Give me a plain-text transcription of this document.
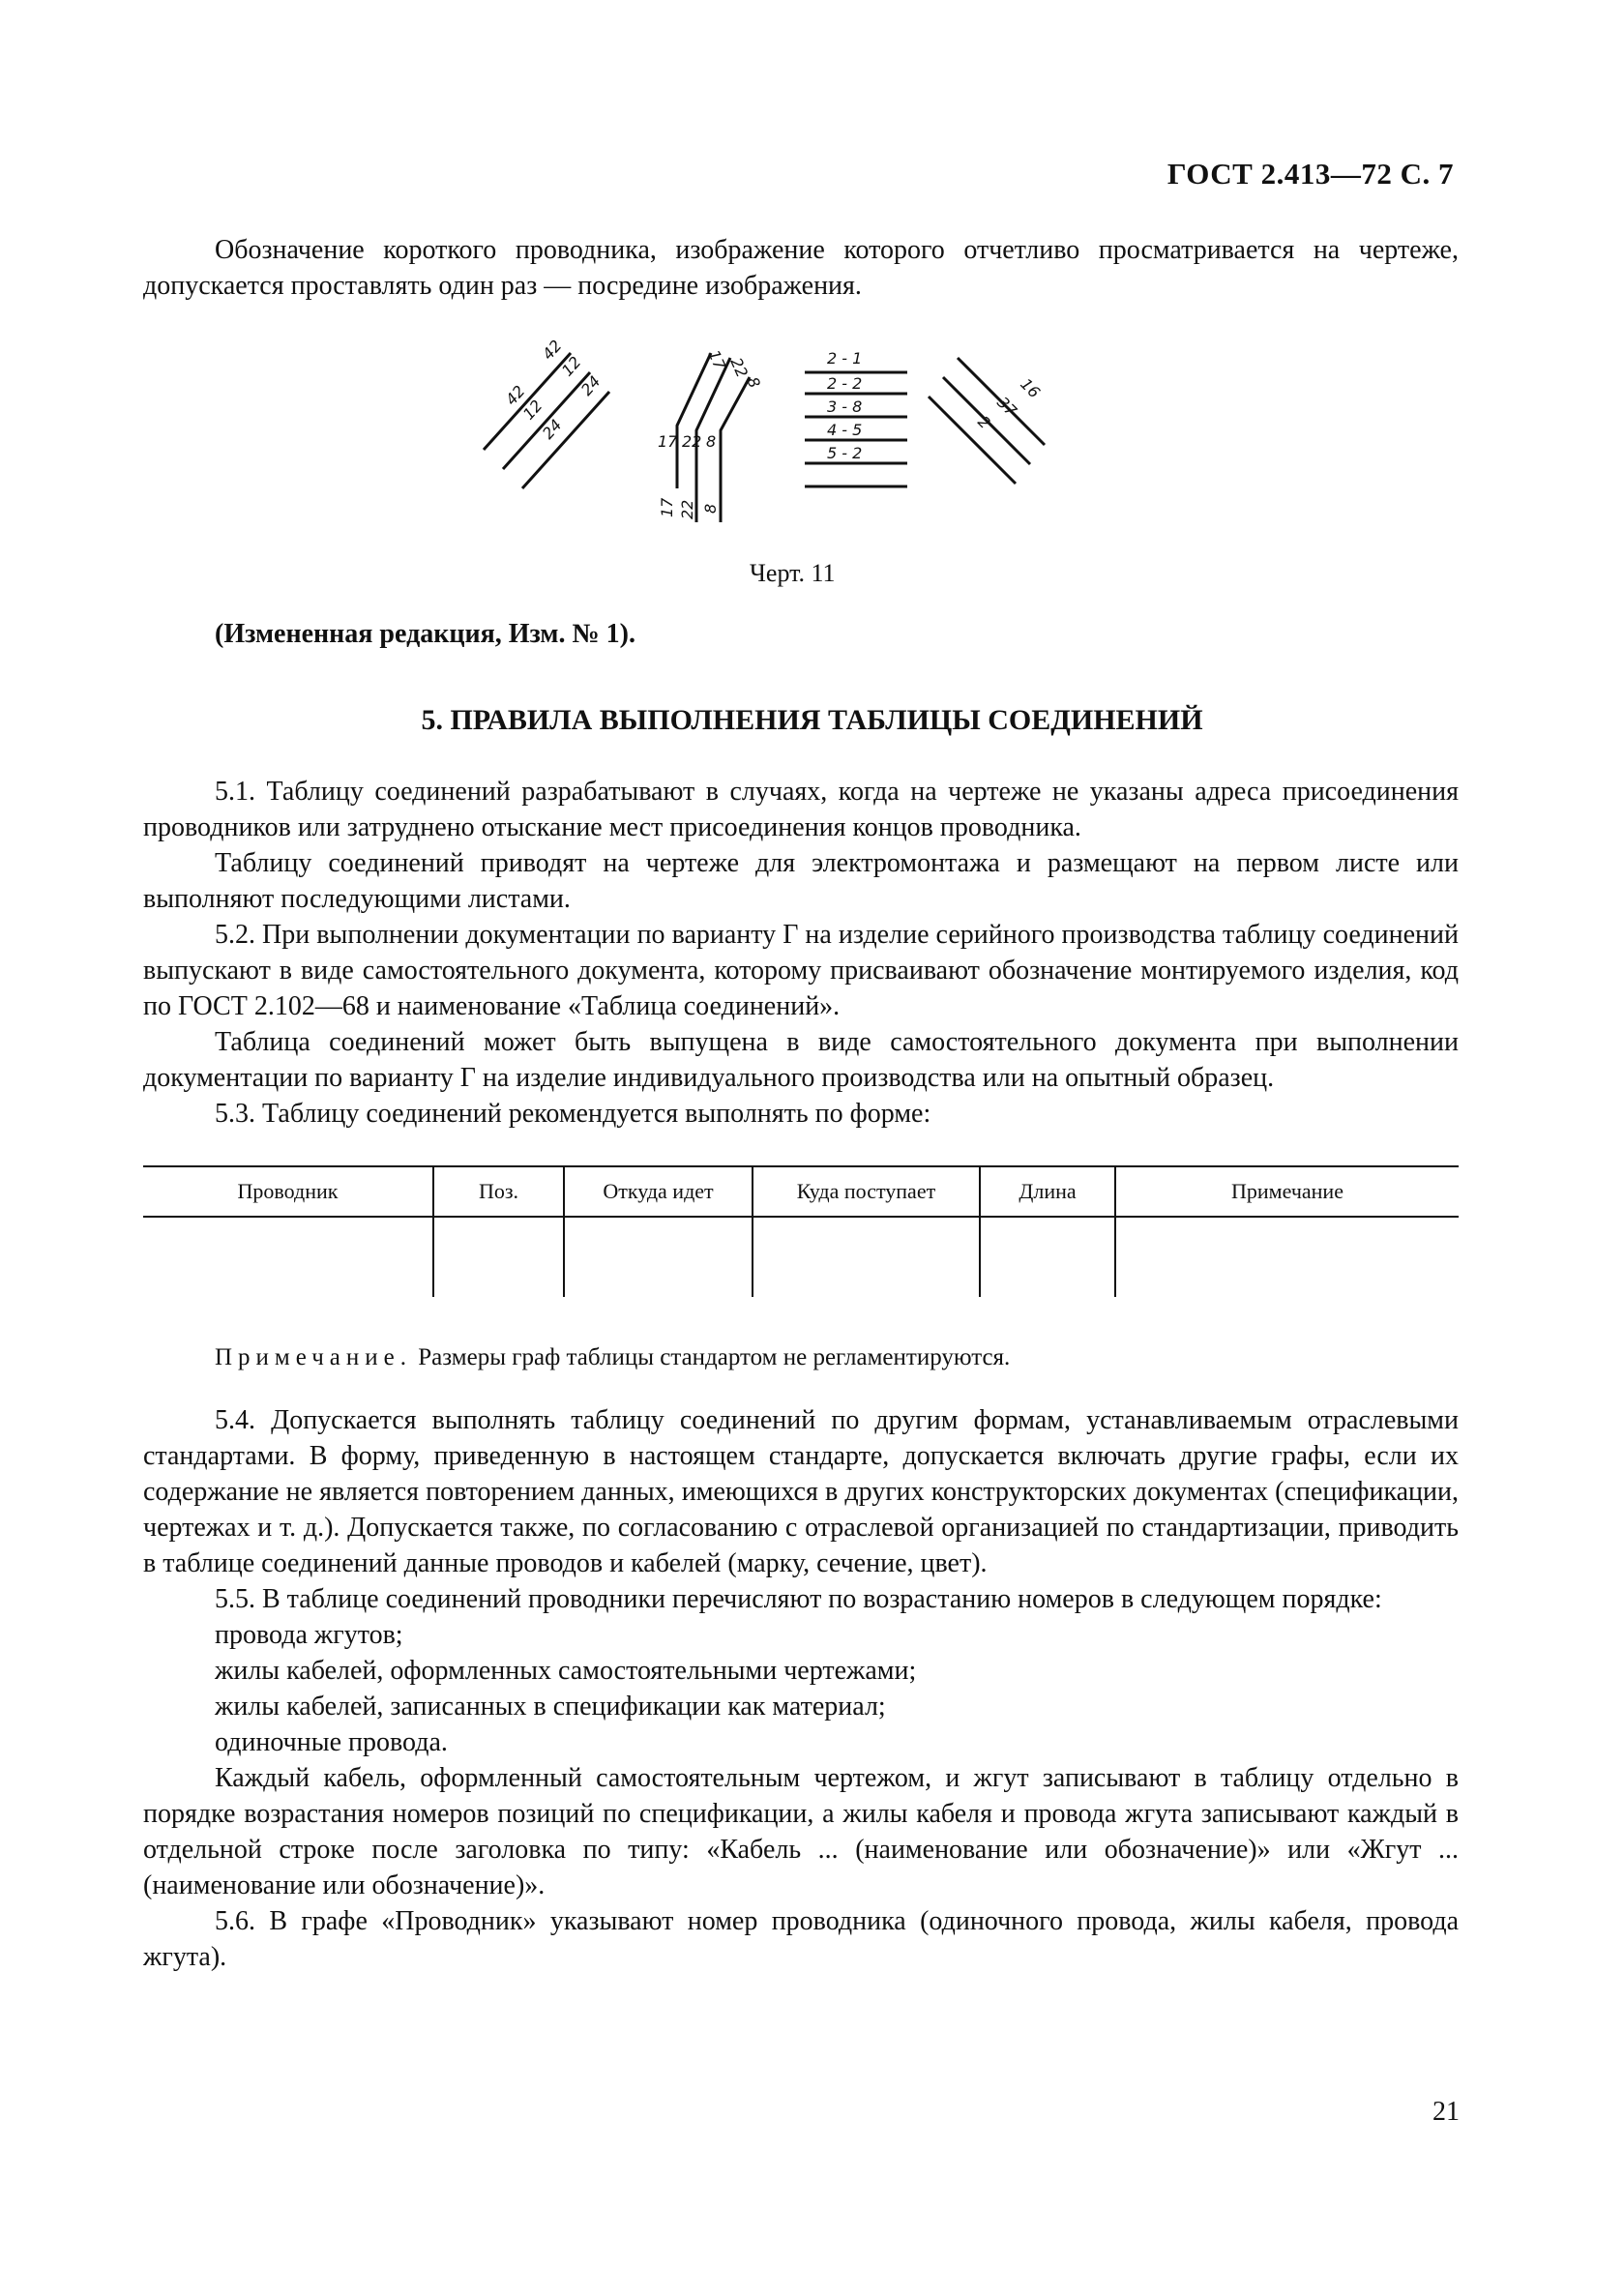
ГОСТ 2.413—72 С. 7

Обозначение короткого проводника, изображение которого отчетливо просматривается на чертеже, допускается проставлять один раз — посредине изображения.

42
12
24
42
12
24
17
22
8
17 22 8
17 22 8
2 - 1
2 - 2
3 - 8
4 - 5
5 - 2
16
37
2
Черт. 11
(Измененная редакция, Изм. № 1).
5. ПРАВИЛА ВЫПОЛНЕНИЯ ТАБЛИЦЫ СОЕДИНЕНИЙ

5.1. Таблицу соединений разрабатывают в случаях, когда на чертеже не указаны адреса присоединения проводников или затруднено отыскание мест присоединения концов проводника.

Таблицу соединений приводят на чертеже для электромонтажа и размещают на первом листе или выполняют последующими листами.

5.2. При выполнении документации по варианту Г на изделие серийного производства таблицу соединений выпускают в виде самостоятельного документа, которому присваивают обозначение монтируемого изделия, код по ГОСТ 2.102—68 и наименование «Таблица соединений».

Таблица соединений может быть выпущена в виде самостоятельного документа при выполнении документации по варианту Г на изделие индивидуального производства или на опытный образец.

5.3. Таблицу соединений рекомендуется выполнять по форме:

Проводник	Поз.	Откуда идет	Куда поступает	Длина	Примечание

Примечание. Размеры граф таблицы стандартом не регламентируются.

5.4. Допускается выполнять таблицу соединений по другим формам, устанавливаемым отраслевыми стандартами. В форму, приведенную в настоящем стандарте, допускается включать другие графы, если их содержание не является повторением данных, имеющихся в других конструкторских документах (спецификации, чертежах и т. д.). Допускается также, по согласованию с отраслевой организацией по стандартизации, приводить в таблице соединений данные проводов и кабелей (марку, сечение, цвет).

5.5. В таблице соединений проводники перечисляют по возрастанию номеров в следующем порядке:

провода жгутов;

жилы кабелей, оформленных самостоятельными чертежами;

жилы кабелей, записанных в спецификации как материал;

одиночные провода.

Каждый кабель, оформленный самостоятельным чертежом, и жгут записывают в таблицу отдельно в порядке возрастания номеров позиций по спецификации, а жилы кабеля и провода жгута записывают каждый в отдельной строке после заголовка по типу: «Кабель ... (наименование или обозначение)» или «Жгут ... (наименование или обозначение)».

5.6. В графе «Проводник» указывают номер проводника (одиночного провода, жилы кабеля, провода жгута).

21
